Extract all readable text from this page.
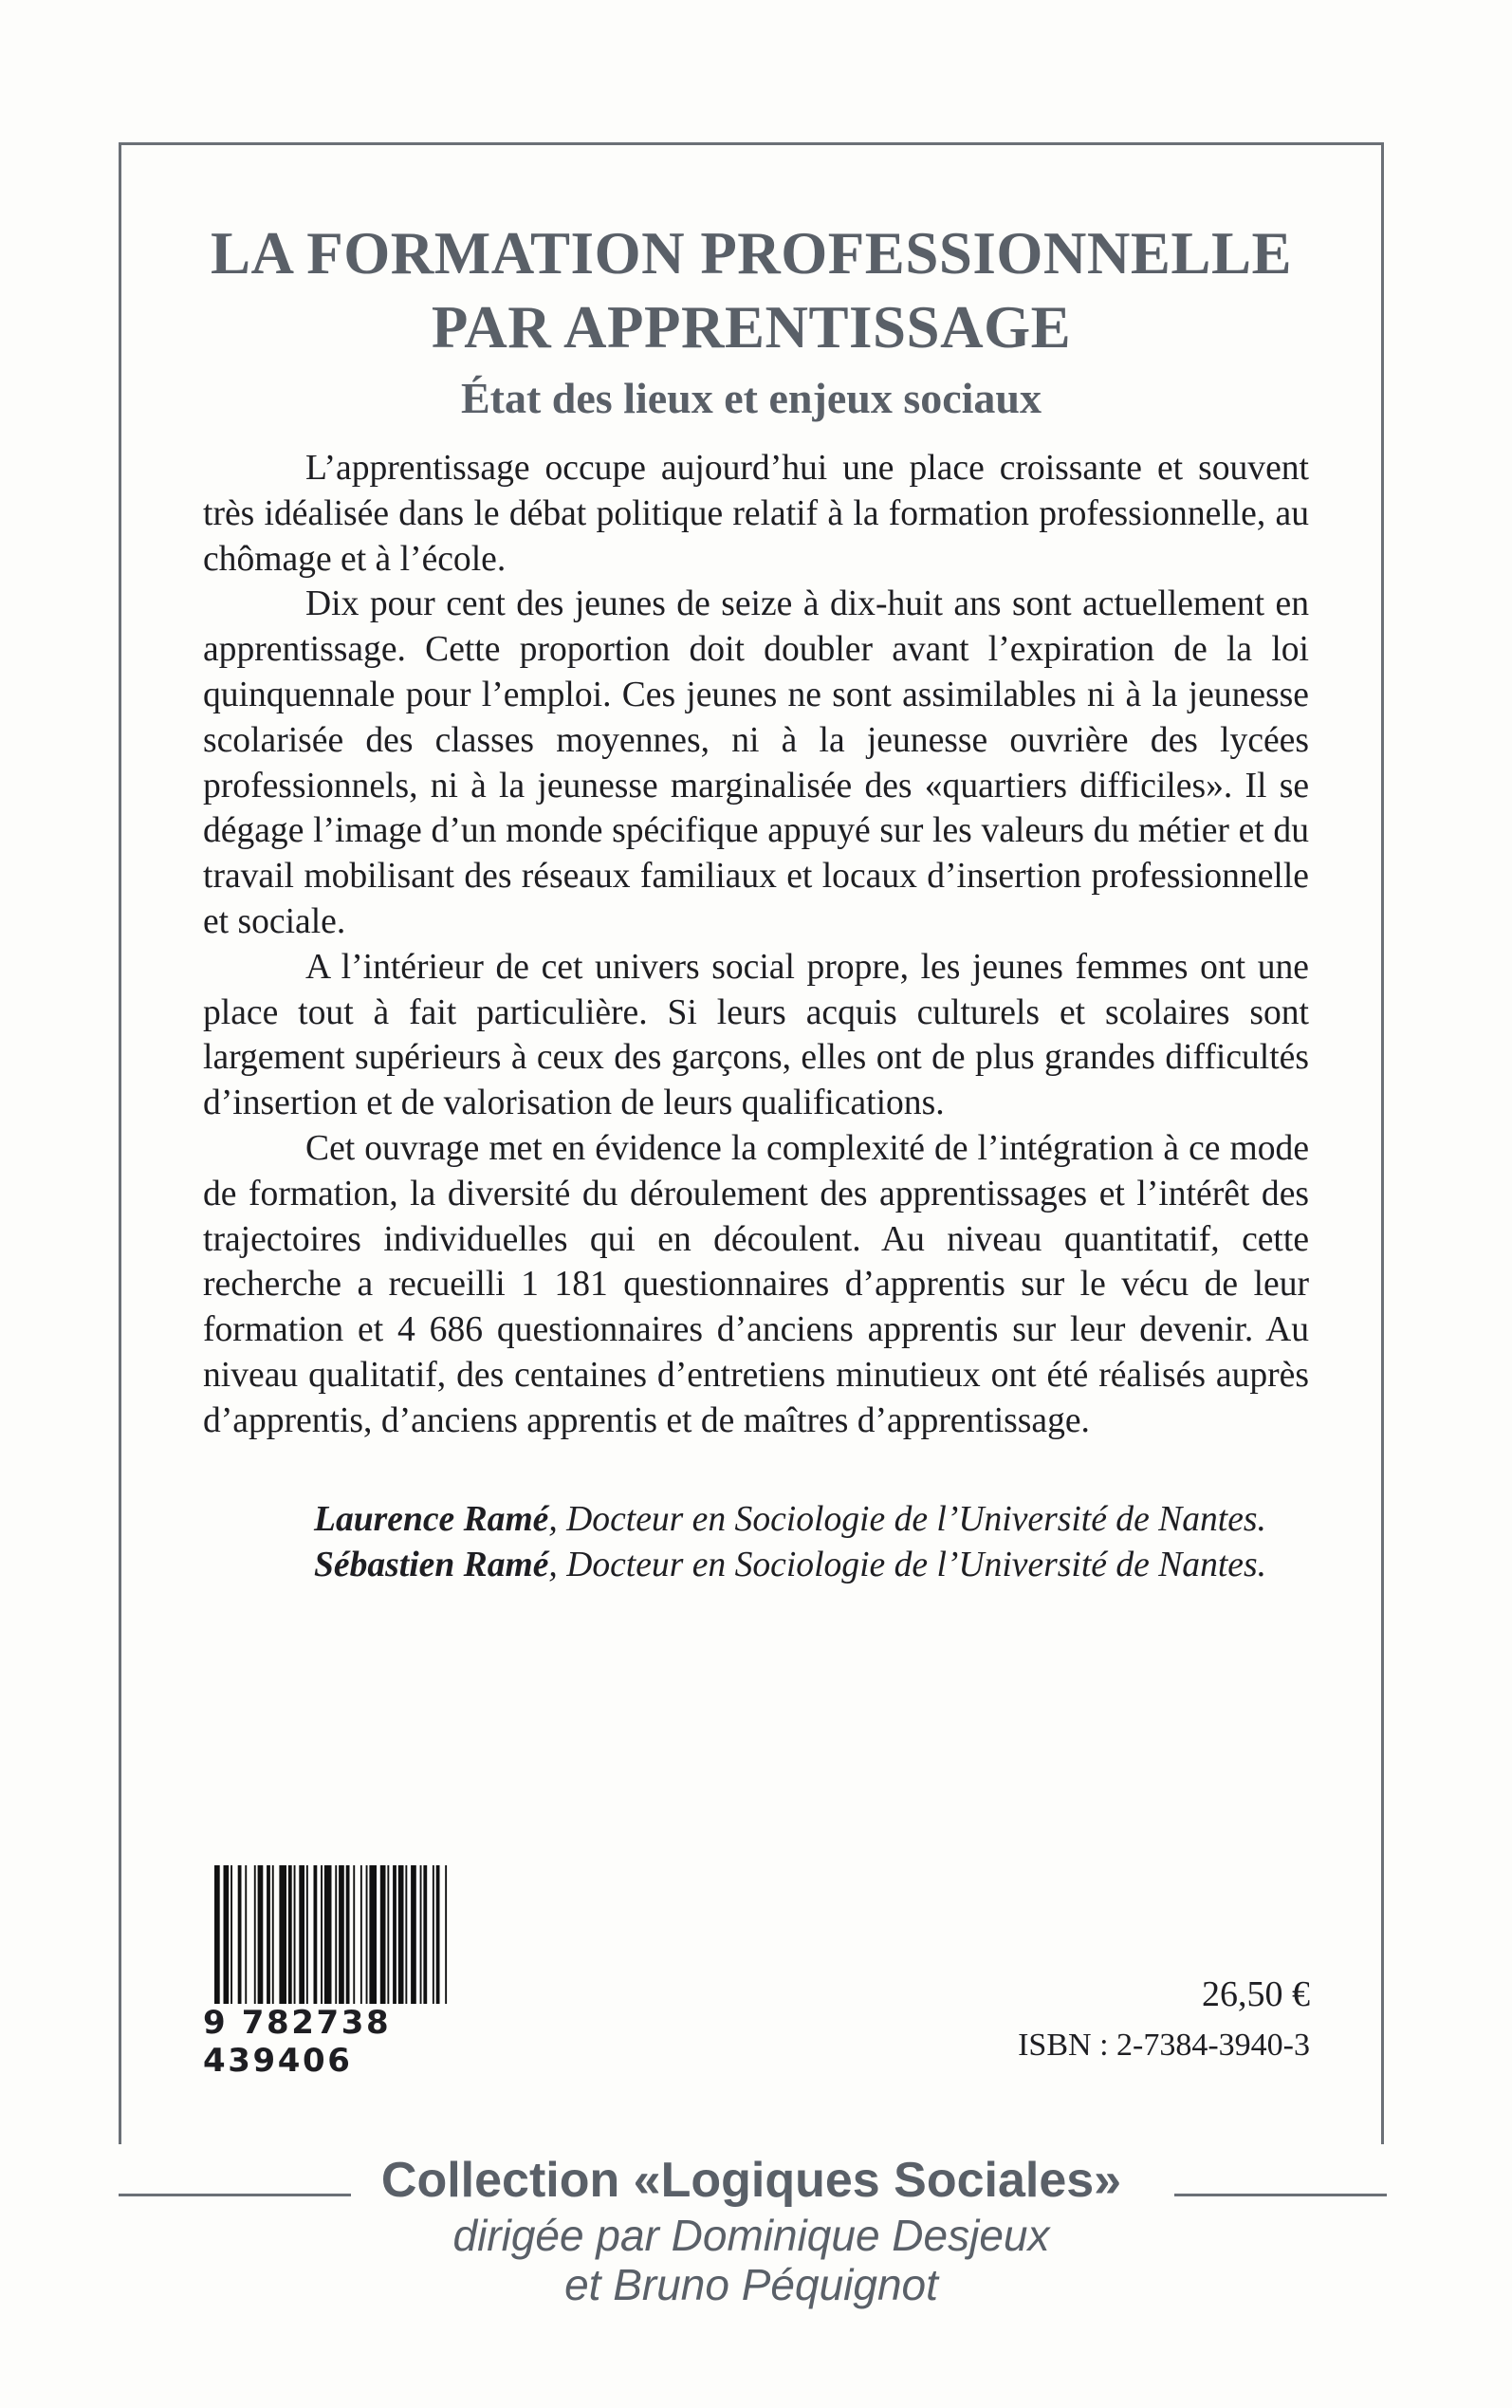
LA FORMATION PROFESSIONNELLE
PAR APPRENTISSAGE
État des lieux et enjeux sociaux

L’apprentissage occupe aujourd’hui une place croissante et souvent très idéalisée dans le débat politique relatif à la formation professionnelle, au chômage et à l’école.

Dix pour cent des jeunes de seize à dix-huit ans sont actuellement en apprentissage. Cette proportion doit doubler avant l’expiration de la loi quinquennale pour l’emploi. Ces jeunes ne sont assimilables ni à la jeunesse scolarisée des classes moyennes, ni à la jeunesse ouvrière des lycées professionnels, ni à la jeunesse marginalisée des «quartiers difficiles». Il se dégage l’image d’un monde spécifique appuyé sur les valeurs du métier et du travail mobilisant des réseaux familiaux et locaux d’insertion professionnelle et sociale.

A l’intérieur de cet univers social propre, les jeunes femmes ont une place tout à fait particulière. Si leurs acquis culturels et scolaires sont largement supérieurs à ceux des garçons, elles ont de plus grandes difficultés d’insertion et de valorisation de leurs qualifications.

Cet ouvrage met en évidence la complexité de l’intégration à ce mode de formation, la diversité du déroulement des apprentissages et l’intérêt des trajectoires individuelles qui en découlent. Au niveau quantitatif, cette recherche a recueilli 1 181 questionnaires d’apprentis sur le vécu de leur formation et 4 686 questionnaires d’anciens apprentis sur leur devenir. Au niveau qualitatif, des centaines d’entretiens minutieux ont été réalisés auprès d’apprentis, d’anciens apprentis et de maîtres d’apprentissage.

Laurence Ramé, Docteur en Sociologie de l’Université de Nantes.

Sébastien Ramé, Docteur en Sociologie de l’Université de Nantes.

9 782738 439406
26,50 €
ISBN : 2-7384-3940-3
Collection «Logiques Sociales»
dirigée par Dominique Desjeux
et Bruno Péquignot
